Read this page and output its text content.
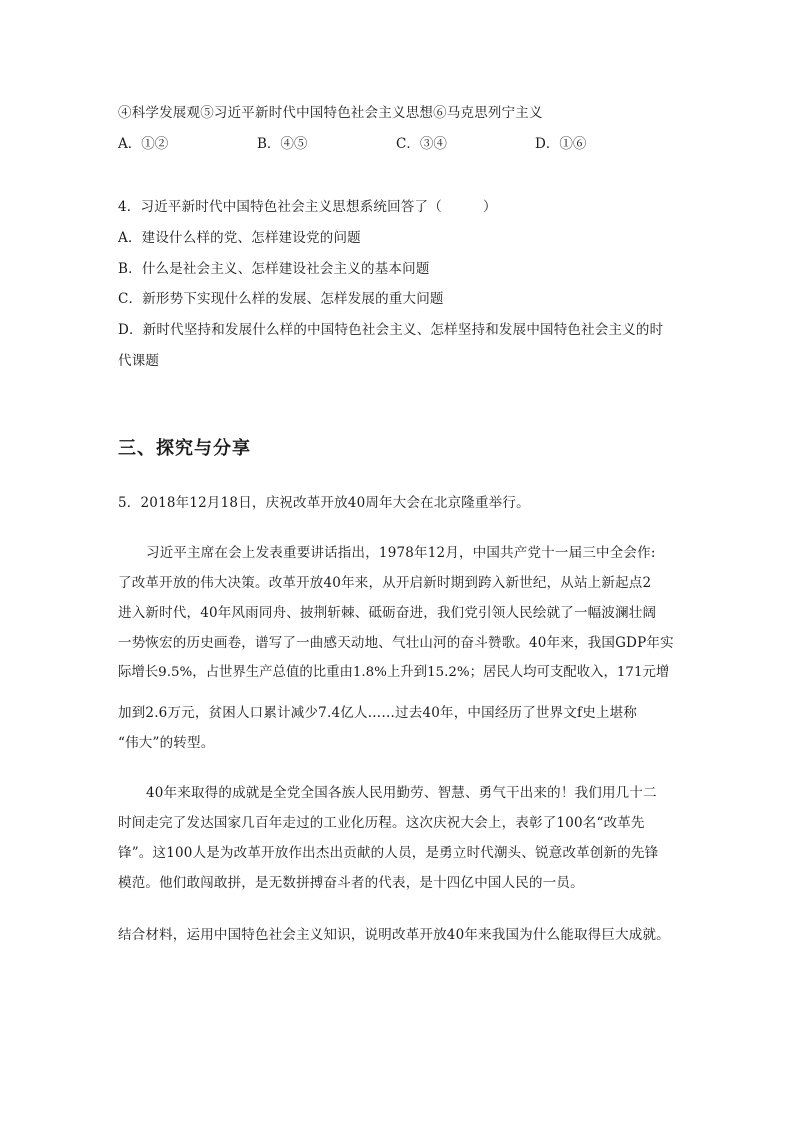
④科学发展观⑤习近平新时代中国特色社会主义思想⑥马克思列宁主义
A．①②	B．④⑤	C．③④	D．①⑥
4．习近平新时代中国特色社会主义思想系统回答了（　　　）
A．建设什么样的党、怎样建设党的问题
B．什么是社会主义、怎样建设社会主义的基本问题
C．新形势下实现什么样的发展、怎样发展的重大问题
D．新时代坚持和发展什么样的中国特色社会主义、怎样坚持和发展中国特色社会主义的时
代课题
三、探究与分享
5．2018年12月18日，庆祝改革开放40周年大会在北京隆重举行。
习近平主席在会上发表重要讲话指出，1978年12月，中国共产党十一届三中全会作:
了改革开放的伟大决策。改革开放40年来，从开启新时期到跨入新世纪，从站上新起点2
进入新时代，40年风雨同舟、披荆斩棘、砥砺奋进，我们党引领人民绘就了一幅波澜壮阔
一势恢宏的历史画卷，谱写了一曲感天动地、气壮山河的奋斗赞歌。40年来，我国GDP年实
际增长9.5%，占世界生产总值的比重由1.8%上升到15.2%；居民人均可支配收入，171元增
加到2.6万元，贫困人口累计减少7.4亿人……过去40年，中国经历了世界文f史上堪称
“伟大”的转型。
40年来取得的成就是全党全国各族人民用勤劳、智慧、勇气干出来的！我们用几十二
时间走完了发达国家几百年走过的工业化历程。这次庆祝大会上，表彰了100名“改革先
锋”。这100人是为改革开放作出杰出贡献的人员，是勇立时代潮头、锐意改革创新的先锋
模范。他们敢闯敢拼，是无数拼搏奋斗者的代表，是十四亿中国人民的一员。
结合材料，运用中国特色社会主义知识，说明改革开放40年来我国为什么能取得巨大成就。
